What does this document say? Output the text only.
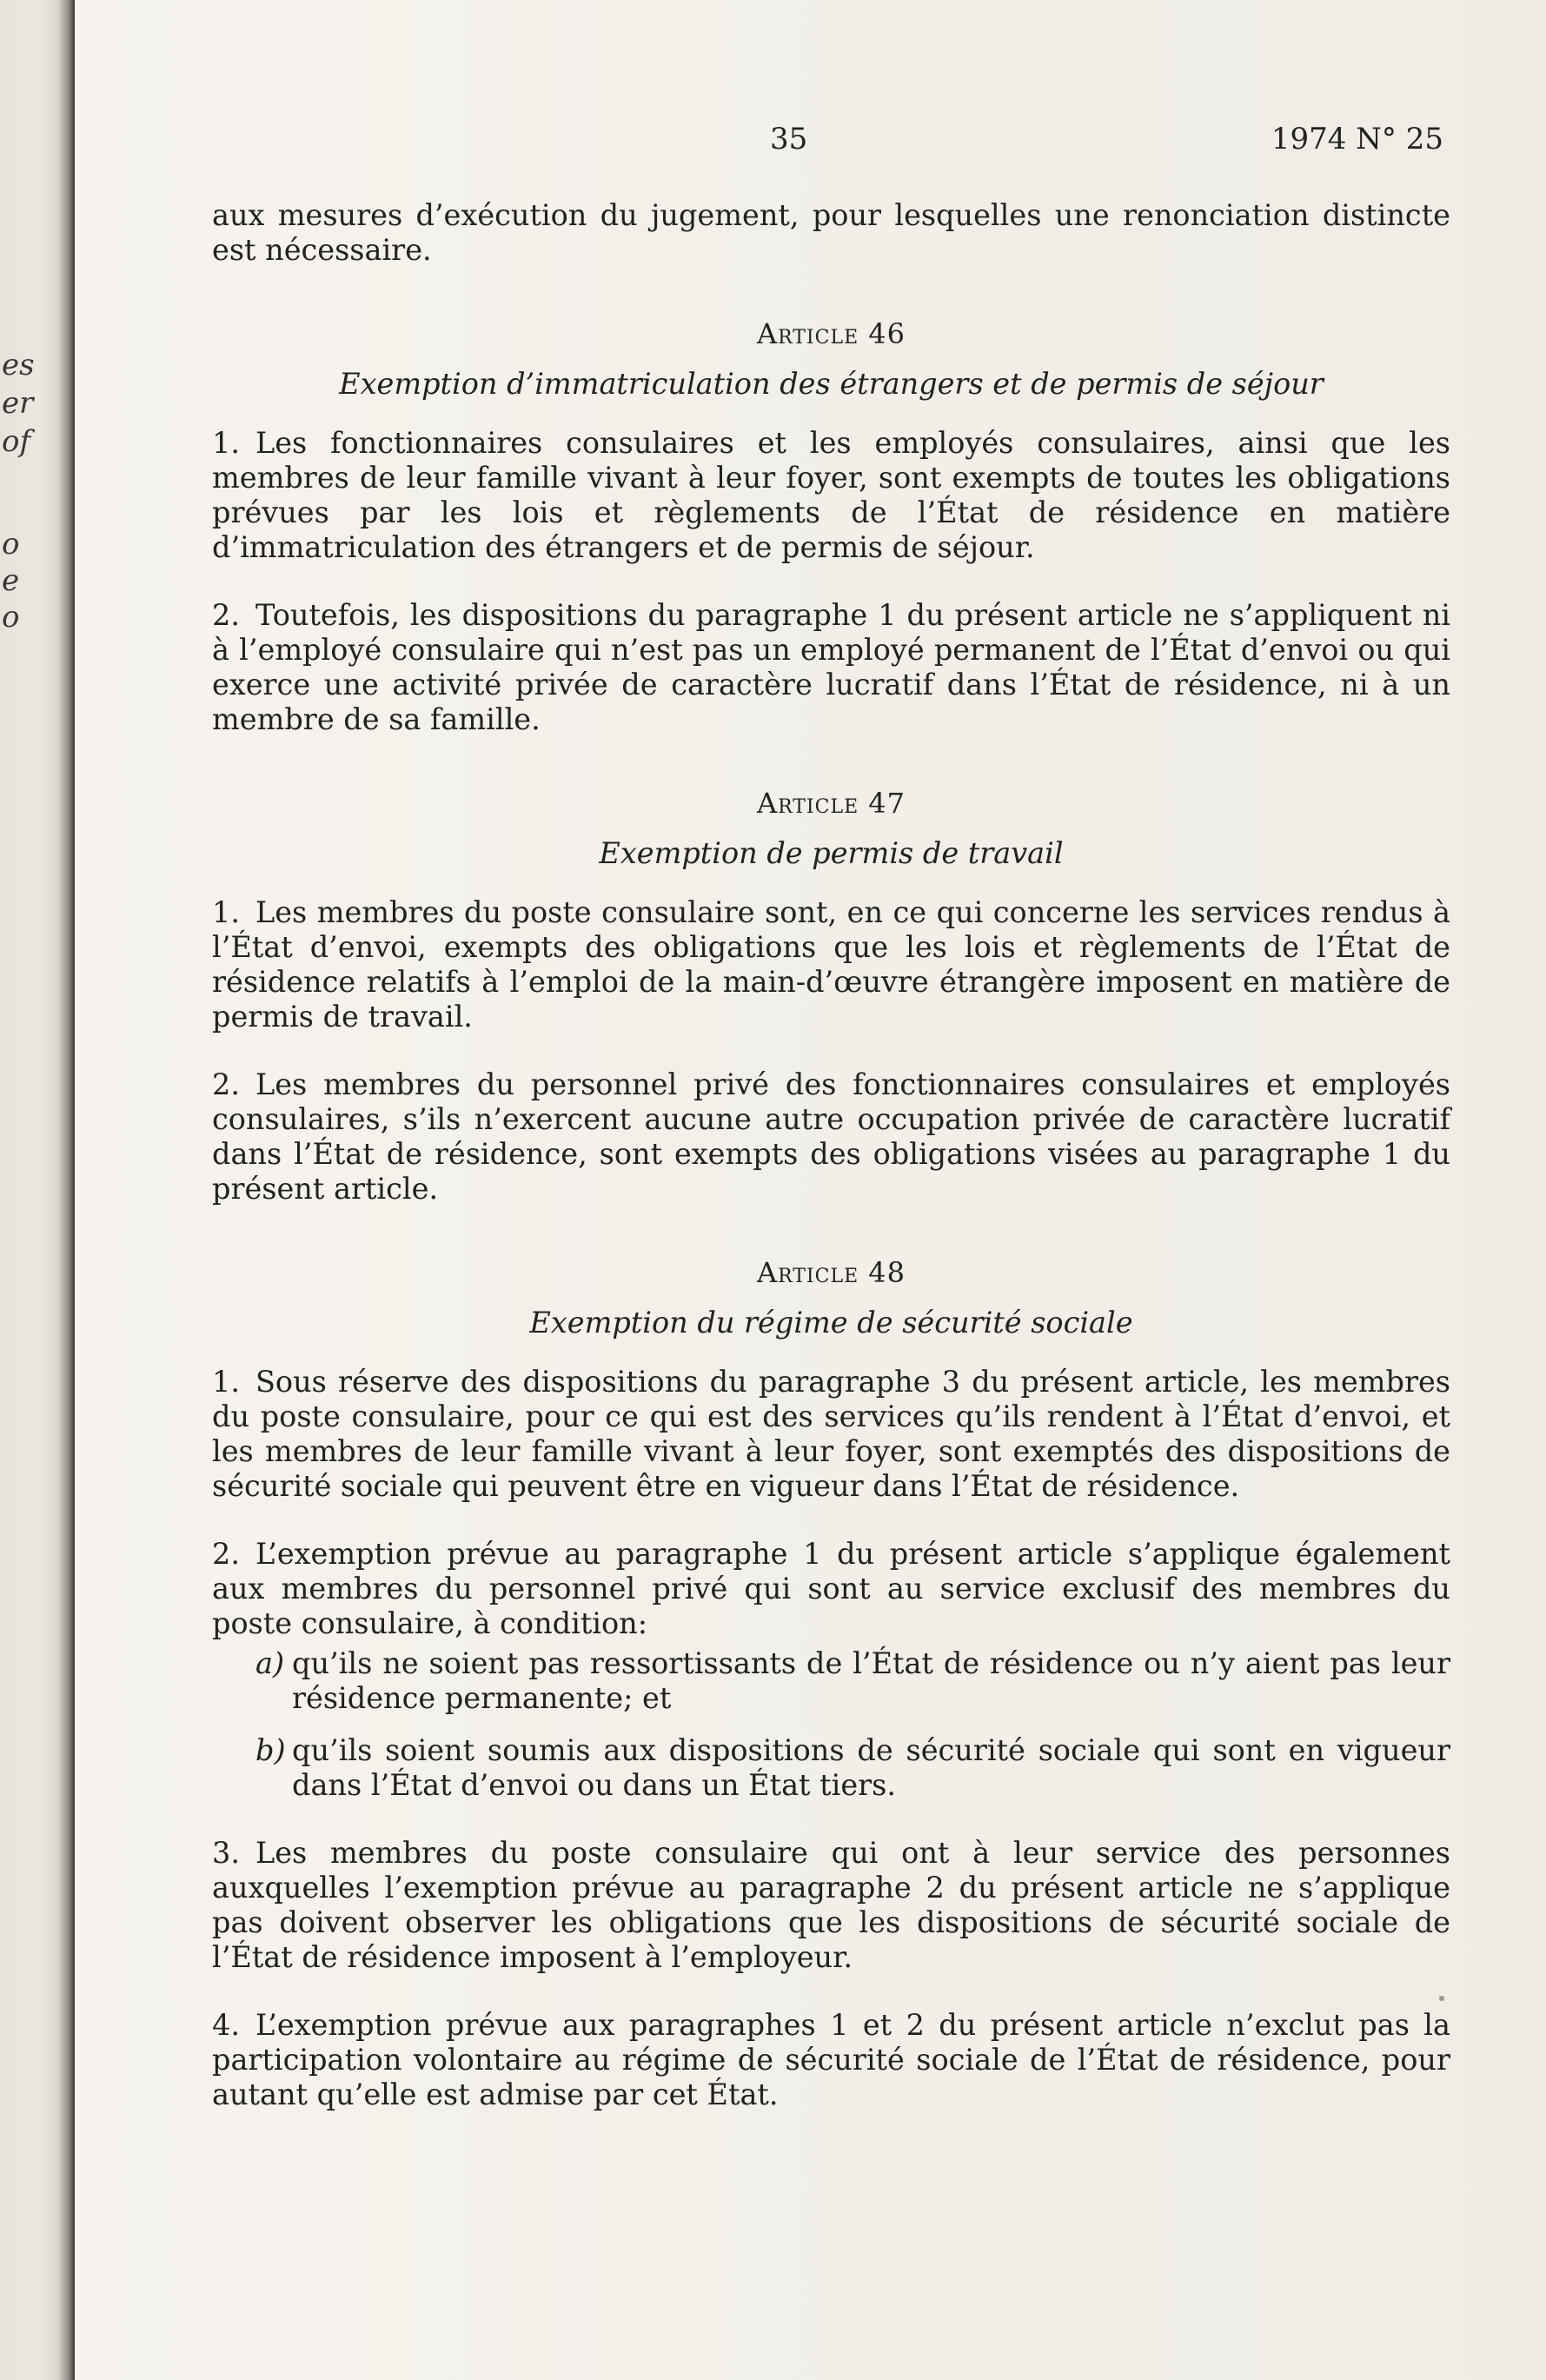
es
er
of
o
e
o
35	1974 N° 25

aux mesures d’exécution du jugement, pour lesquelles une renonciation distincte est nécessaire.

Article 46
Exemption d’immatriculation des étrangers et de permis de séjour

1. Les fonctionnaires consulaires et les employés consulaires, ainsi que les membres de leur famille vivant à leur foyer, sont exempts de toutes les obligations prévues par les lois et règlements de l’État de résidence en matière d’immatriculation des étrangers et de permis de séjour.

2. Toutefois, les dispositions du paragraphe 1 du présent article ne s’appliquent ni à l’employé consulaire qui n’est pas un employé permanent de l’État d’envoi ou qui exerce une activité privée de caractère lucratif dans l’État de résidence, ni à un membre de sa famille.

Article 47
Exemption de permis de travail

1. Les membres du poste consulaire sont, en ce qui concerne les services rendus à l’État d’envoi, exempts des obligations que les lois et règlements de l’État de résidence relatifs à l’emploi de la main-d’œuvre étrangère imposent en matière de permis de travail.

2. Les membres du personnel privé des fonctionnaires consulaires et employés consulaires, s’ils n’exercent aucune autre occupation privée de caractère lucratif dans l’État de résidence, sont exempts des obligations visées au paragraphe 1 du présent article.

Article 48
Exemption du régime de sécurité sociale

1. Sous réserve des dispositions du paragraphe 3 du présent article, les membres du poste consulaire, pour ce qui est des services qu’ils rendent à l’État d’envoi, et les membres de leur famille vivant à leur foyer, sont exemptés des dispositions de sécurité sociale qui peuvent être en vigueur dans l’État de résidence.

2. L’exemption prévue au paragraphe 1 du présent article s’applique également aux membres du personnel privé qui sont au service exclusif des membres du poste consulaire, à condition:

a) qu’ils ne soient pas ressortissants de l’État de résidence ou n’y aient pas leur résidence permanente; et
b) qu’ils soient soumis aux dispositions de sécurité sociale qui sont en vigueur dans l’État d’envoi ou dans un État tiers.

3. Les membres du poste consulaire qui ont à leur service des personnes auxquelles l’exemption prévue au paragraphe 2 du présent article ne s’applique pas doivent observer les obligations que les dispositions de sécurité sociale de l’État de résidence imposent à l’employeur.

4. L’exemption prévue aux paragraphes 1 et 2 du présent article n’exclut pas la participation volontaire au régime de sécurité sociale de l’État de résidence, pour autant qu’elle est admise par cet État.
